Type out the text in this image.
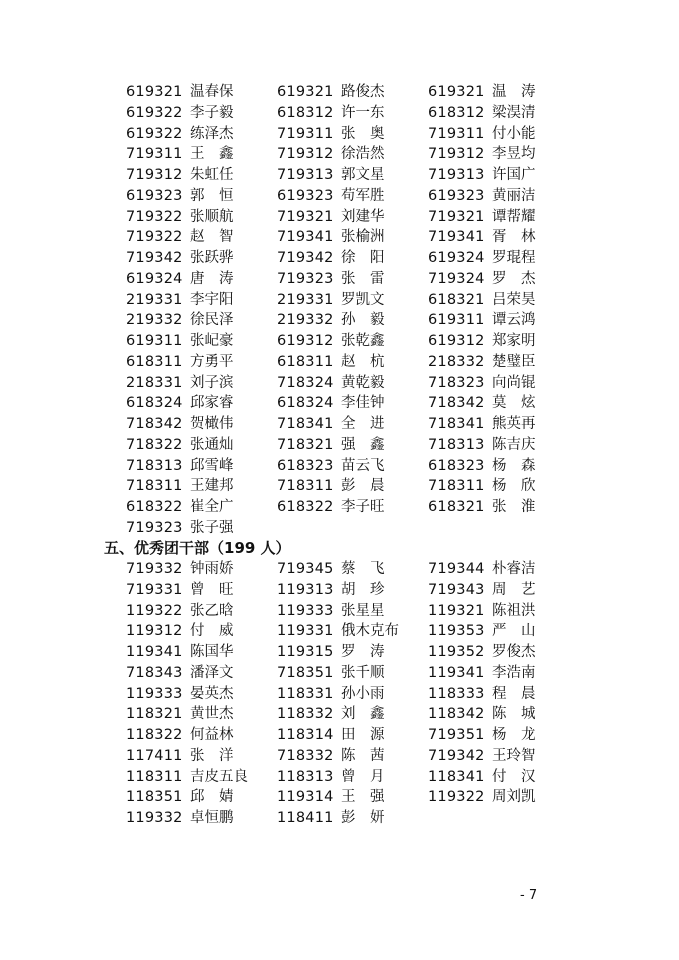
619321 温春保	619321 路俊杰	619321 温　涛
619322 李子毅	618312 许一东	618312 梁淏清
619322 练泽杰	719311 张　奥	719311 付小能
719311 王　鑫	719312 徐浩然	719312 李昱均
719312 朱虹任	719313 郭文星	719313 许国广
619323 郭　恒	619323 苟军胜	619323 黄丽洁
719322 张顺航	719321 刘建华	719321 谭帮耀
719322 赵　智	719341 张榆洲	719341 胥　林
719342 张跃骅	719342 徐　阳	619324 罗琨程
619324 唐　涛	719323 张　雷	719324 罗　杰
219331 李宇阳	219331 罗凯文	618321 吕荣昊
219332 徐民泽	219332 孙　毅	619311 谭云鸿
619311 张屺豪	619312 张乾鑫	619312 郑家明
618311 方勇平	618311 赵　杭	218332 楚璧臣
218331 刘子滨	718324 黄乾毅	718323 向尚锟
618324 邱家睿	618324 李佳钟	718342 莫　炫
718342 贺橄伟	718341 全　进	718341 熊英再
718322 张通灿	718321 强　鑫	718313 陈吉庆
718313 邱雪峰	618323 苗云飞	618323 杨　森
718311 王建邦	718311 彭　晨	718311 杨　欣
618322 崔全广	618322 李子旺	618321 张　淮
719323 张子强
五、优秀团干部（199 人）
719332 钟雨娇	719345 蔡　飞	719344 朴睿洁
719331 曾　旺	119313 胡　珍	719343 周　艺
119322 张乙晗	119333 张星星	119321 陈祖洪
119312 付　威	119331 俄木克布 119353 严　山
119341 陈国华	119315 罗　涛	119352 罗俊杰
718343 潘泽文	718351 张千顺	119341 李浩南
119333 晏英杰	118331 孙小雨	118333 程　晨
118321 黄世杰	118332 刘　鑫	118342 陈　城
118322 何益林	118314 田　源	719351 杨　龙
117411 张　洋	718332 陈　茜	719342 王玲智
118311 吉皮五良 118313 曾　月	118341 付　汉
118351 邱　婧	119314 王　强	119322 周刘凯
119332 卓恒鹏	118411 彭　妍
- 7
